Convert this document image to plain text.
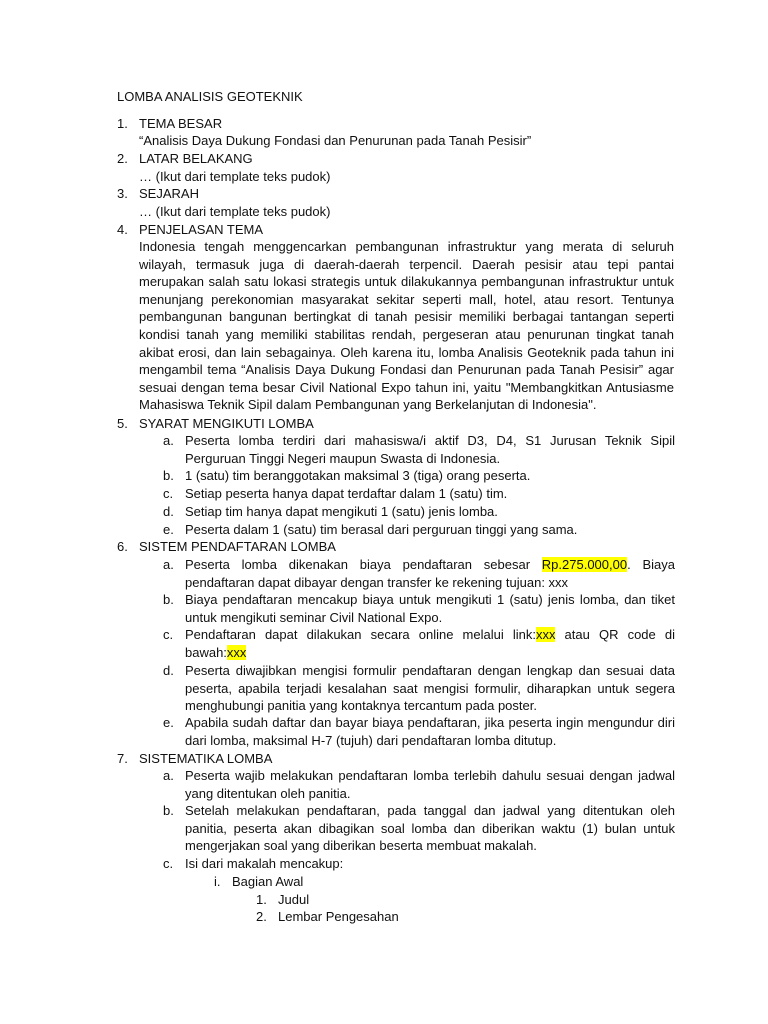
LOMBA ANALISIS GEOTEKNIK
1. TEMA BESAR
“Analisis Daya Dukung Fondasi dan Penurunan pada Tanah Pesisir”
2. LATAR BELAKANG
… (Ikut dari template teks pudok)
3. SEJARAH
… (Ikut dari template teks pudok)
4. PENJELASAN TEMA
Indonesia tengah menggencarkan pembangunan infrastruktur yang merata di seluruh wilayah, termasuk juga di daerah-daerah terpencil. Daerah pesisir atau tepi pantai merupakan salah satu lokasi strategis untuk dilakukannya pembangunan infrastruktur untuk menunjang perekonomian masyarakat sekitar seperti mall, hotel, atau resort. Tentunya pembangunan bangunan bertingkat di tanah pesisir memiliki berbagai tantangan seperti kondisi tanah yang memiliki stabilitas rendah, pergeseran atau penurunan tingkat tanah akibat erosi, dan lain sebagainya. Oleh karena itu, lomba Analisis Geoteknik pada tahun ini mengambil tema “Analisis Daya Dukung Fondasi dan Penurunan pada Tanah Pesisir” agar sesuai dengan tema besar Civil National Expo tahun ini, yaitu "Membangkitkan Antusiasme Mahasiswa Teknik Sipil dalam Pembangunan yang Berkelanjutan di Indonesia".
5. SYARAT MENGIKUTI LOMBA
a. Peserta lomba terdiri dari mahasiswa/i aktif D3, D4, S1 Jurusan Teknik Sipil Perguruan Tinggi Negeri maupun Swasta di Indonesia.
b. 1 (satu) tim beranggotakan maksimal 3 (tiga) orang peserta.
c. Setiap peserta hanya dapat terdaftar dalam 1 (satu) tim.
d. Setiap tim hanya dapat mengikuti 1 (satu) jenis lomba.
e. Peserta dalam 1 (satu) tim berasal dari perguruan tinggi yang sama.
6. SISTEM PENDAFTARAN LOMBA
a. Peserta lomba dikenakan biaya pendaftaran sebesar Rp.275.000,00. Biaya pendaftaran dapat dibayar dengan transfer ke rekening tujuan: xxx
b. Biaya pendaftaran mencakup biaya untuk mengikuti 1 (satu) jenis lomba, dan tiket untuk mengikuti seminar Civil National Expo.
c. Pendaftaran dapat dilakukan secara online melalui link:xxx atau QR code di bawah:xxx
d. Peserta diwajibkan mengisi formulir pendaftaran dengan lengkap dan sesuai data peserta, apabila terjadi kesalahan saat mengisi formulir, diharapkan untuk segera menghubungi panitia yang kontaknya tercantum pada poster.
e. Apabila sudah daftar dan bayar biaya pendaftaran, jika peserta ingin mengundur diri dari lomba, maksimal H-7 (tujuh) dari pendaftaran lomba ditutup.
7. SISTEMATIKA LOMBA
a. Peserta wajib melakukan pendaftaran lomba terlebih dahulu sesuai dengan jadwal yang ditentukan oleh panitia.
b. Setelah melakukan pendaftaran, pada tanggal dan jadwal yang ditentukan oleh panitia, peserta akan dibagikan soal lomba dan diberikan waktu (1) bulan untuk mengerjakan soal yang diberikan beserta membuat makalah.
c. Isi dari makalah mencakup:
i. Bagian Awal
1. Judul
2. Lembar Pengesahan
